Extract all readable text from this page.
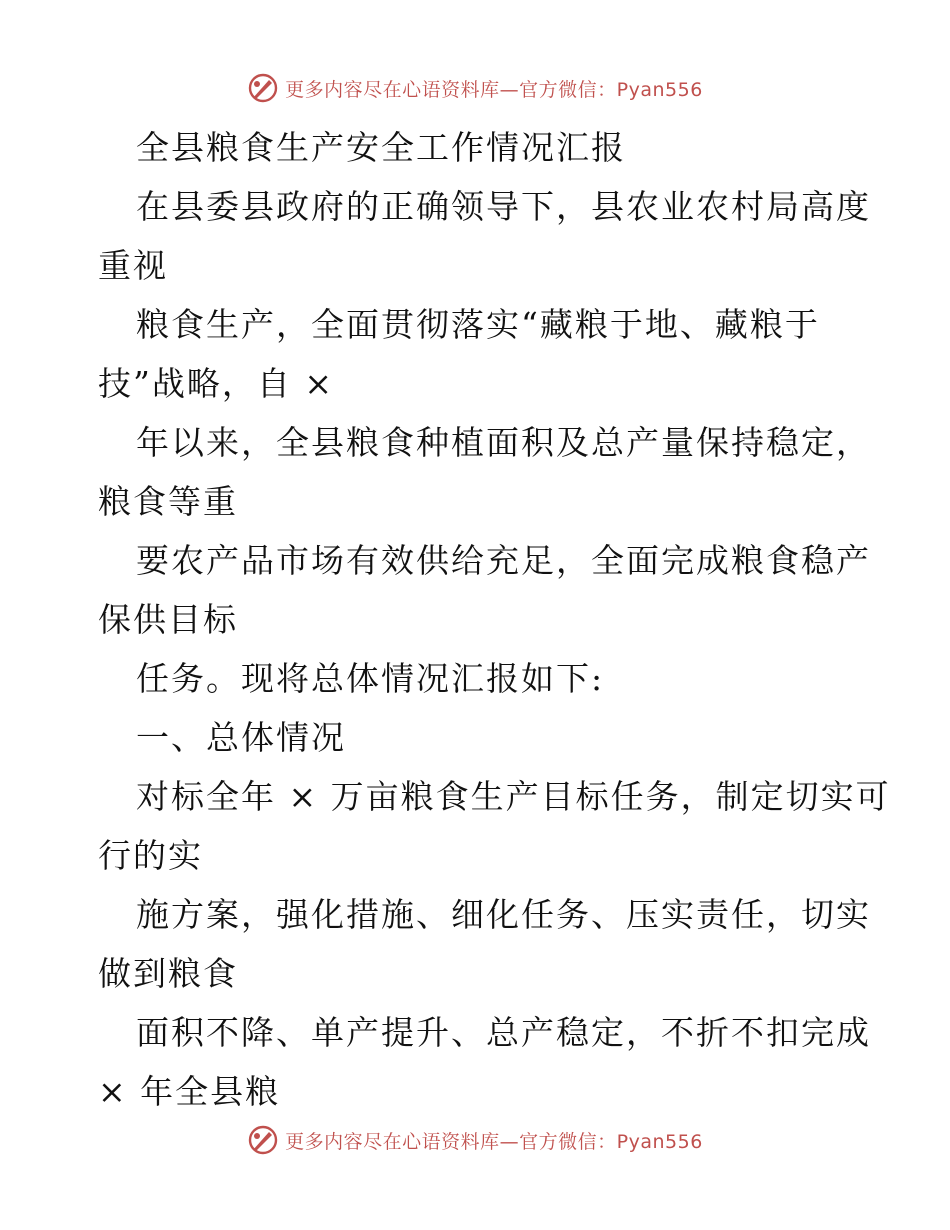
更多内容尽在心语资料库—官方微信：Pyan556
全县粮食生产安全工作情况汇报
在县委县政府的正确领导下，县农业农村局高度
重视
粮食生产，全面贯彻落实“藏粮于地、藏粮于
技”战略，自 ×
年以来，全县粮食种植面积及总产量保持稳定，
粮食等重
要农产品市场有效供给充足，全面完成粮食稳产
保供目标
任务。现将总体情况汇报如下:
一、总体情况
对标全年 × 万亩粮食生产目标任务，制定切实可
行的实
施方案，强化措施、细化任务、压实责任，切实
做到粮食
面积不降、单产提升、总产稳定，不折不扣完成
× 年全县粮
更多内容尽在心语资料库—官方微信：Pyan556
